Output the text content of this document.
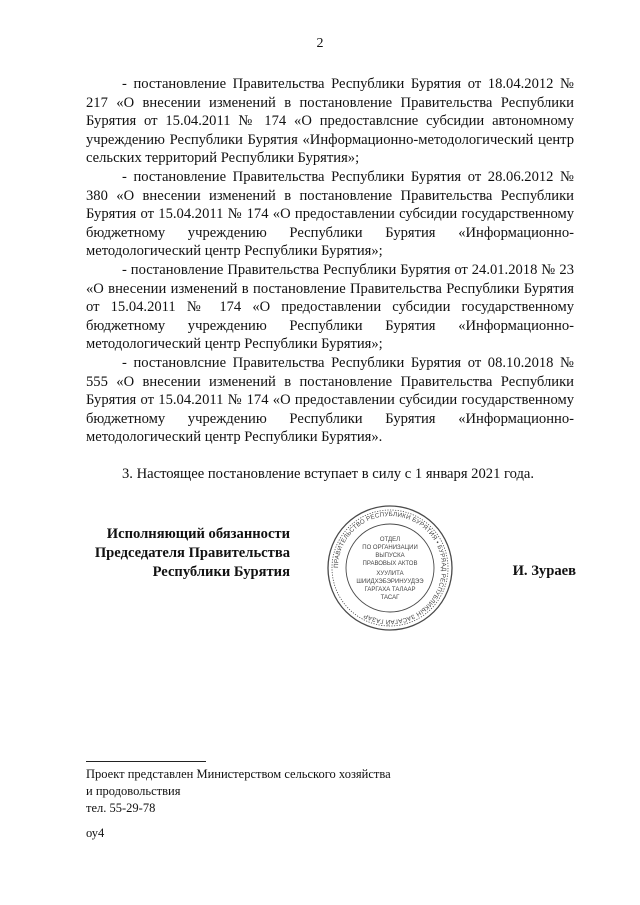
2

- постановление Правительства Республики Бурятия от 18.04.2012 № 217 «О внесении изменений в постановление Правительства Республики Бурятия от 15.04.2011 № 174 «О предоставлсние субсидии автономному учреждению Республики Бурятия «Информационно-методологический центр сельских территорий Республики Бурятия»;

- постановление Правительства Республики Бурятия от 28.06.2012 № 380 «О внесении изменений в постановление Правительства Республики Бурятия от 15.04.2011 № 174 «О предоставлении субсидии государственному бюджетному учреждению Республики Бурятия «Информационно-методологический центр Республики Бурятия»;

- постановление Правительства Республики Бурятия от 24.01.2018 № 23 «О внесении изменений в постановление Правительства Республики Бурятия от 15.04.2011 № 174 «О предоставлении субсидии государственному бюджетному учреждению Республики Бурятия «Информационно-методологический центр Республики Бурятия»;

- постановлсние Правительства Республики Бурятия от 08.10.2018 № 555 «О внесении изменений в постановление Правительства Республики Бурятия от 15.04.2011 № 174 «О предоставлении субсидии государственному бюджетному учреждению Республики Бурятия «Информационно-методологический центр Республики Бурятия».

3. Настоящее постановление вступает в силу с 1 января 2021 года.

Исполняющий обязанности
Председателя Правительства
Республики Бурятия	ПРАВИТЕЛЬСТВО РЕСПУБЛИКИ БУРЯТИЯ • БУРЯАД РЕСПУБЛИКЫН ЗАСАГАЙ ГАЗАР
ОТДЕЛ
ПО ОРГАНИЗАЦИИ
ВЫПУСКА
ПРАВОВЫХ АКТОВ
ХУУЛИТА
ШИИДХЭБЭРИНУУДЭЭ
ГАРГАХА ТАЛААР
ТАСАГ
И. Зураев
Проект представлен Министерством сельского хозяйства
и продовольствия
тел. 55-29-78
оу4
